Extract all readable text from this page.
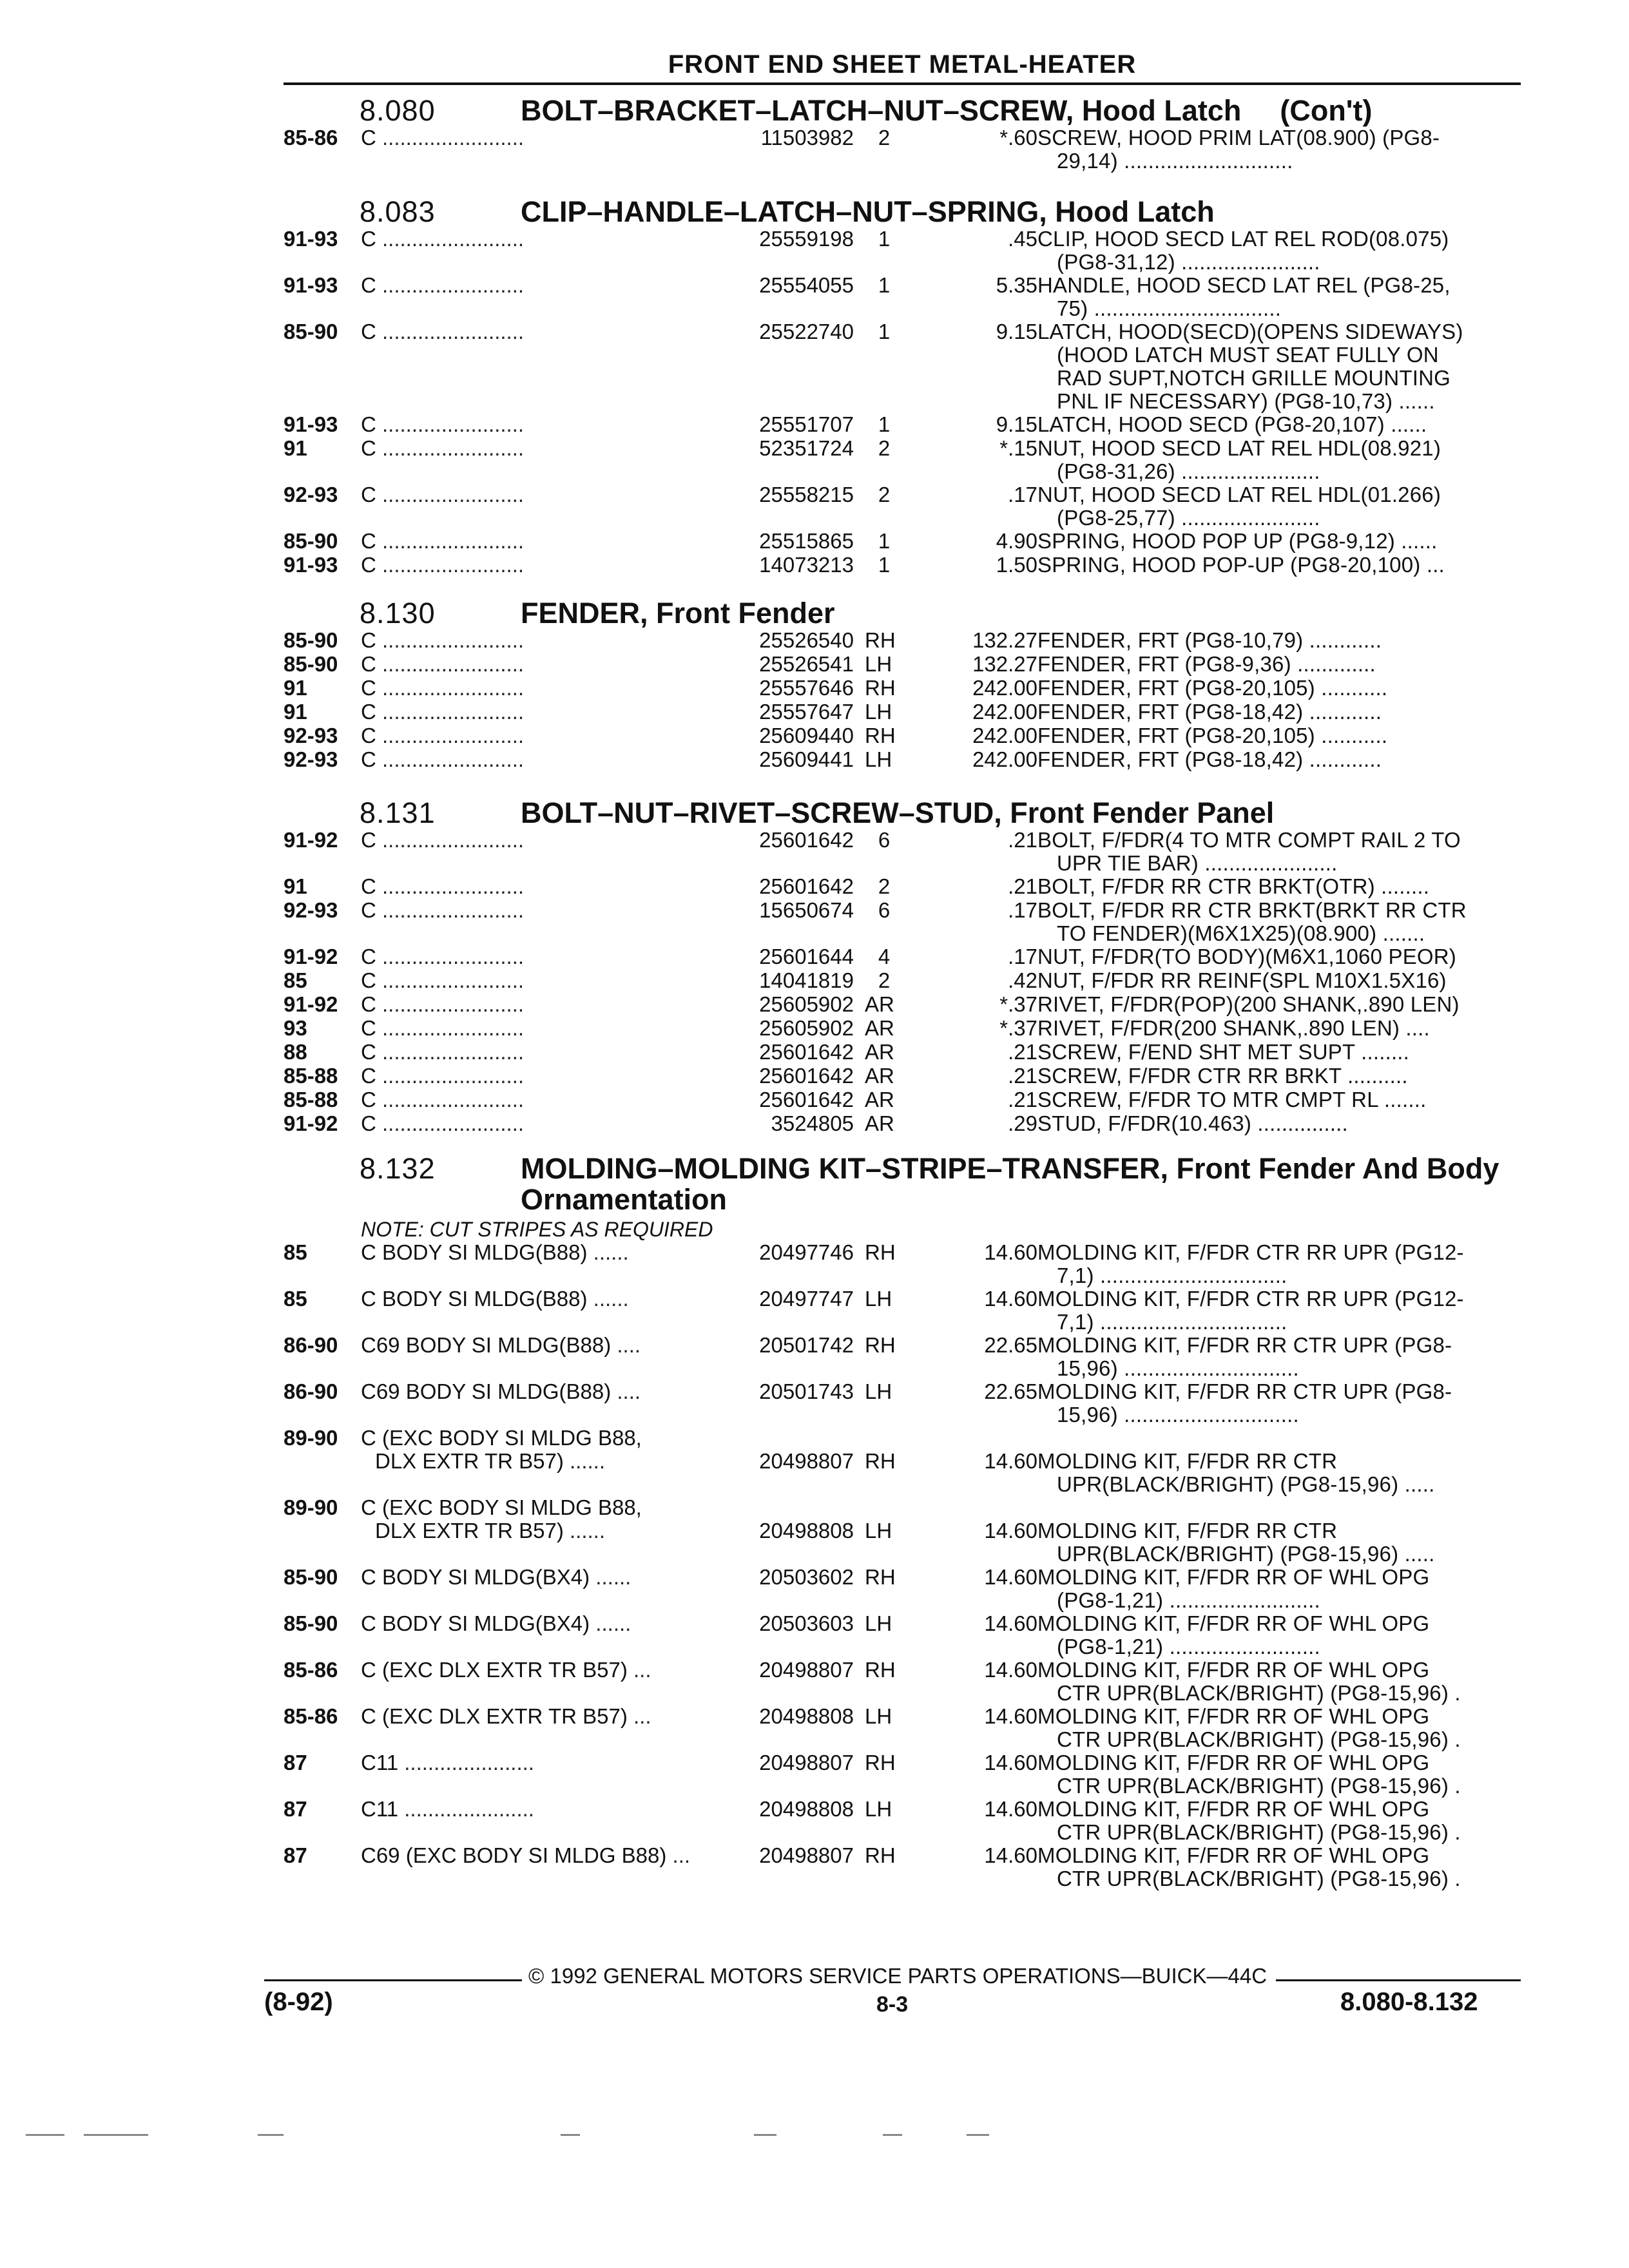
FRONT END SHEET METAL-HEATER
8.080	BOLT–BRACKET–LATCH–NUT–SCREW, Hood Latch (Con't)
85-86	C ........................	11503982	2	*.60 SCREW, HOOD PRIM LAT(08.900) (PG8-
29,14) ............................
8.083	CLIP–HANDLE–LATCH–NUT–SPRING, Hood Latch
91-93	C ........................	25559198	1	.45 CLIP, HOOD SECD LAT REL ROD(08.075)
(PG8-31,12) .......................
91-93	C ........................	25554055	1	5.35 HANDLE, HOOD SECD LAT REL (PG8-25,
75) ...............................
85-90	C ........................	25522740	1	9.15 LATCH, HOOD(SECD)(OPENS SIDEWAYS)
(HOOD LATCH MUST SEAT FULLY ON
RAD SUPT,NOTCH GRILLE MOUNTING
PNL IF NECESSARY) (PG8-10,73) ......
91-93	C ........................	25551707	1	9.15 LATCH, HOOD SECD (PG8-20,107) ......
91	C ........................	52351724	2	*.15 NUT, HOOD SECD LAT REL HDL(08.921)
(PG8-31,26) .......................
92-93	C ........................	25558215	2	.17 NUT, HOOD SECD LAT REL HDL(01.266)
(PG8-25,77) .......................
85-90	C ........................	25515865	1	4.90 SPRING, HOOD POP UP (PG8-9,12) ......
91-93	C ........................	14073213	1	1.50 SPRING, HOOD POP-UP (PG8-20,100) ...
8.130	FENDER, Front Fender
85-90	C ........................	25526540 RH	132.27 FENDER, FRT (PG8-10,79) ............
85-90	C ........................	25526541 LH	132.27 FENDER, FRT (PG8-9,36) .............
91	C ........................	25557646 RH	242.00 FENDER, FRT (PG8-20,105) ...........
91	C ........................	25557647 LH	242.00 FENDER, FRT (PG8-18,42) ............
92-93	C ........................	25609440 RH	242.00 FENDER, FRT (PG8-20,105) ...........
92-93	C ........................	25609441 LH	242.00 FENDER, FRT (PG8-18,42) ............
8.131	BOLT–NUT–RIVET–SCREW–STUD, Front Fender Panel
91-92	C ........................	25601642	6	.21 BOLT, F/FDR(4 TO MTR COMPT RAIL 2 TO
UPR TIE BAR) ......................
91	C ........................	25601642	2	.21 BOLT, F/FDR RR CTR BRKT(OTR) ........
92-93	C ........................	15650674	6	.17 BOLT, F/FDR RR CTR BRKT(BRKT RR CTR
TO FENDER)(M6X1X25)(08.900) .......
91-92	C ........................	25601644	4	.17 NUT, F/FDR(TO BODY)(M6X1,1060 PEOR)
85	C ........................	14041819	2	.42 NUT, F/FDR RR REINF(SPL M10X1.5X16)
91-92	C ........................	25605902 AR	*.37 RIVET, F/FDR(POP)(200 SHANK,.890 LEN)
93	C ........................	25605902 AR	*.37 RIVET, F/FDR(200 SHANK,.890 LEN) ....
88	C ........................	25601642 AR	.21 SCREW, F/END SHT MET SUPT ........
85-88	C ........................	25601642 AR	.21 SCREW, F/FDR CTR RR BRKT ..........
85-88	C ........................	25601642 AR	.21 SCREW, F/FDR TO MTR CMPT RL .......
91-92	C ........................	3524805 AR	.29 STUD, F/FDR(10.463) ...............
8.132	MOLDING–MOLDING KIT–STRIPE–TRANSFER, Front Fender And Body Ornamentation
NOTE: CUT STRIPES AS REQUIRED
85	C BODY SI MLDG(B88) ......	20497746 RH	14.60 MOLDING KIT, F/FDR CTR RR UPR (PG12-
7,1) ...............................
85	C BODY SI MLDG(B88) ......	20497747 LH	14.60 MOLDING KIT, F/FDR CTR RR UPR (PG12-
7,1) ...............................
86-90	C69 BODY SI MLDG(B88) ....	20501742 RH	22.65 MOLDING KIT, F/FDR RR CTR UPR (PG8-
15,96) .............................
86-90	C69 BODY SI MLDG(B88) ....	20501743 LH	22.65 MOLDING KIT, F/FDR RR CTR UPR (PG8-
15,96) .............................
89-90	C (EXC BODY SI MLDG B88,
DLX EXTR TR B57) ......	20498807 RH	14.60 MOLDING KIT, F/FDR RR CTR
UPR(BLACK/BRIGHT) (PG8-15,96) .....
89-90	C (EXC BODY SI MLDG B88,
DLX EXTR TR B57) ......	20498808 LH	14.60 MOLDING KIT, F/FDR RR CTR
UPR(BLACK/BRIGHT) (PG8-15,96) .....
85-90	C BODY SI MLDG(BX4) ......	20503602 RH	14.60 MOLDING KIT, F/FDR RR OF WHL OPG
(PG8-1,21) .........................
85-90	C BODY SI MLDG(BX4) ......	20503603 LH	14.60 MOLDING KIT, F/FDR RR OF WHL OPG
(PG8-1,21) .........................
85-86	C (EXC DLX EXTR TR B57) ...	20498807 RH	14.60 MOLDING KIT, F/FDR RR OF WHL OPG
CTR UPR(BLACK/BRIGHT) (PG8-15,96) .
85-86	C (EXC DLX EXTR TR B57) ...	20498808 LH	14.60 MOLDING KIT, F/FDR RR OF WHL OPG
CTR UPR(BLACK/BRIGHT) (PG8-15,96) .
87	C11 ......................	20498807 RH	14.60 MOLDING KIT, F/FDR RR OF WHL OPG
CTR UPR(BLACK/BRIGHT) (PG8-15,96) .
87	C11 ......................	20498808 LH	14.60 MOLDING KIT, F/FDR RR OF WHL OPG
CTR UPR(BLACK/BRIGHT) (PG8-15,96) .
87	C69 (EXC BODY SI MLDG B88) ...	20498807 RH	14.60 MOLDING KIT, F/FDR RR OF WHL OPG
CTR UPR(BLACK/BRIGHT) (PG8-15,96) .
© 1992 GENERAL MOTORS SERVICE PARTS OPERATIONS—BUICK—44C
(8-92)	8-3	8.080-8.132
